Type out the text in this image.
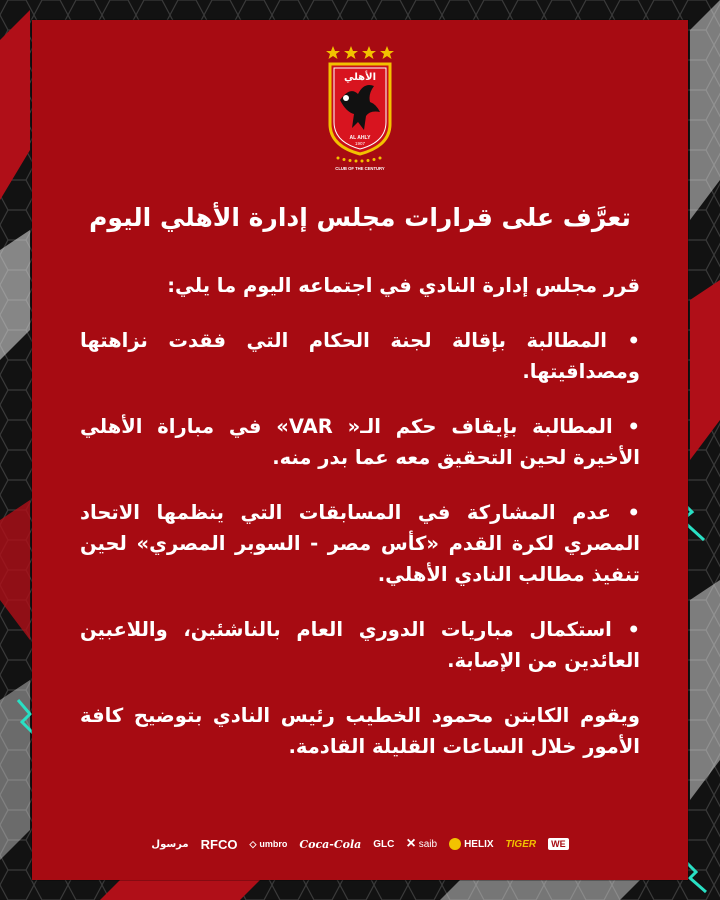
الأهلي
AL AHLY
1907
CLUB OF THE CENTURY
تعرَّف على قرارات مجلس إدارة الأهلي اليوم

قرر مجلس إدارة النادي في اجتماعه اليوم ما يلي:

• المطالبة بإقالة لجنة الحكام التي فقدت نزاهتها ومصداقيتها.

• المطالبة بإيقاف حكم الـ« VAR» في مباراة الأهلي الأخيرة لحين التحقيق معه عما بدر منه.

• عدم المشاركة في المسابقات التي ينظمها الاتحاد المصري لكرة القدم «كأس مصر - السوبر المصري» لحين تنفيذ مطالب النادي الأهلي.

• استكمال مباريات الدوري العام بالناشئين، واللاعبين العائدين من الإصابة.

ويقوم الكابتن محمود الخطيب رئيس النادي بتوضيح كافة الأمور خلال الساعات القليلة القادمة.

WE
TIGER
HELIX
× saib
GLC
Coca-Cola
◇ umbro
RFCO
مرسول
